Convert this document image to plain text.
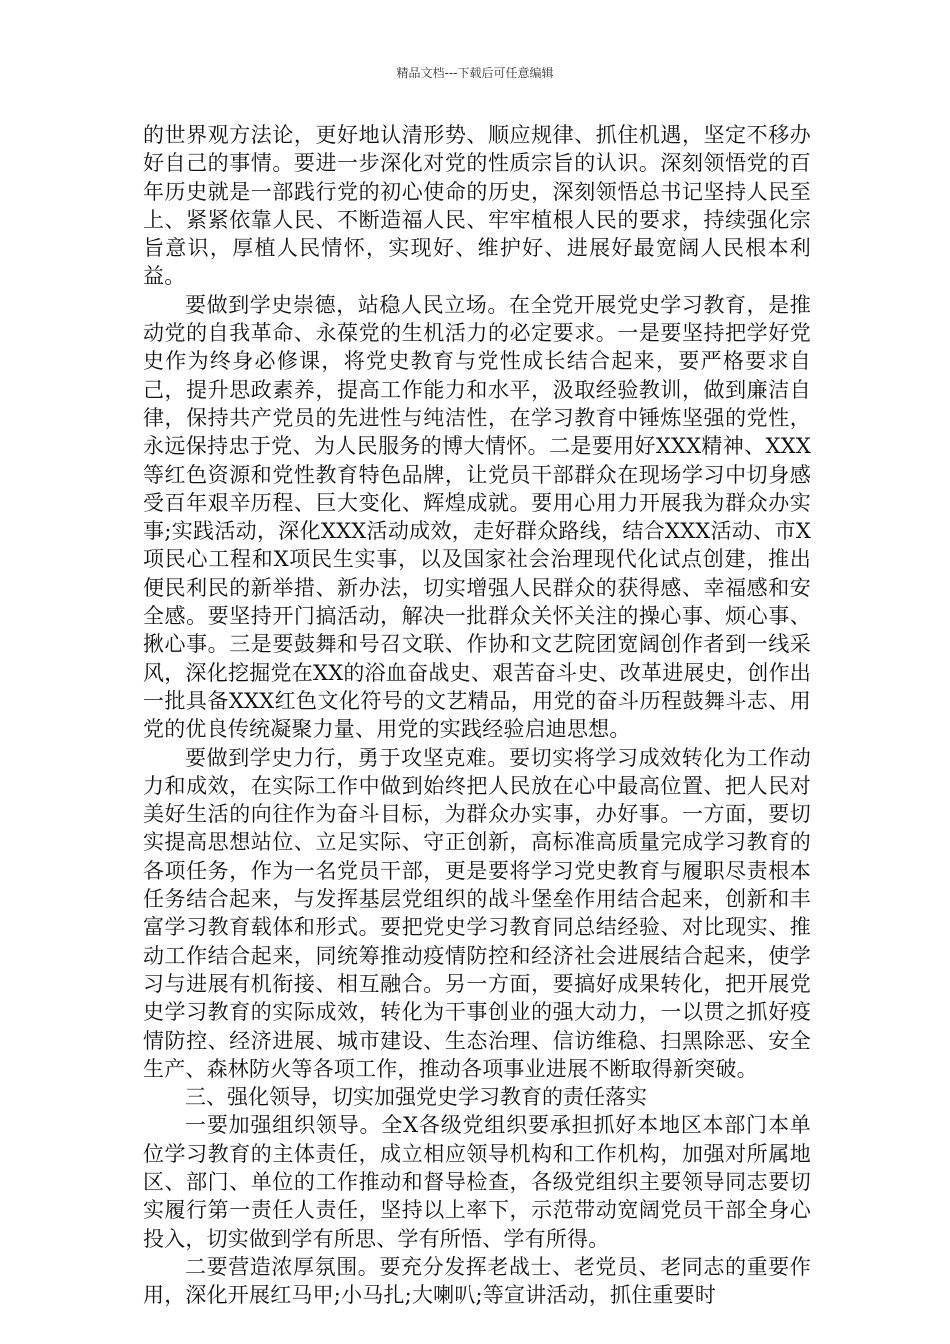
精品文档---下载后可任意编辑

的世界观方法论，更好地认清形势、顺应规律、抓住机遇，坚定不移办好自己的事情。要进一步深化对党的性质宗旨的认识。深刻领悟党的百年历史就是一部践行党的初心使命的历史，深刻领悟总书记坚持人民至上、紧紧依靠人民、不断造福人民、牢牢植根人民的要求，持续强化宗旨意识，厚植人民情怀，实现好、维护好、进展好最宽阔人民根本利益。

要做到学史崇德，站稳人民立场。在全党开展党史学习教育，是推动党的自我革命、永葆党的生机活力的必定要求。一是要坚持把学好党史作为终身必修课，将党史教育与党性成长结合起来，要严格要求自己，提升思政素养，提高工作能力和水平，汲取经验教训，做到廉洁自律，保持共产党员的先进性与纯洁性，在学习教育中锤炼坚强的党性，永远保持忠于党、为人民服务的博大情怀。二是要用好XXX精神、XXX等红色资源和党性教育特色品牌，让党员干部群众在现场学习中切身感受百年艰辛历程、巨大变化、辉煌成就。要用心用力开展我为群众办实事;实践活动，深化XXX活动成效，走好群众路线，结合XXX活动、市X项民心工程和X项民生实事，以及国家社会治理现代化试点创建，推出便民利民的新举措、新办法，切实增强人民群众的获得感、幸福感和安全感。要坚持开门搞活动，解决一批群众关怀关注的操心事、烦心事、揪心事。三是要鼓舞和号召文联、作协和文艺院团宽阔创作者到一线采风，深化挖掘党在XX的浴血奋战史、艰苦奋斗史、改革进展史，创作出一批具备XXX红色文化符号的文艺精品，用党的奋斗历程鼓舞斗志、用党的优良传统凝聚力量、用党的实践经验启迪思想。

要做到学史力行，勇于攻坚克难。要切实将学习成效转化为工作动力和成效，在实际工作中做到始终把人民放在心中最高位置、把人民对美好生活的向往作为奋斗目标，为群众办实事，办好事。一方面，要切实提高思想站位、立足实际、守正创新，高标准高质量完成学习教育的各项任务，作为一名党员干部，更是要将学习党史教育与履职尽责根本任务结合起来，与发挥基层党组织的战斗堡垒作用结合起来，创新和丰富学习教育载体和形式。要把党史学习教育同总结经验、对比现实、推动工作结合起来，同统筹推动疫情防控和经济社会进展结合起来，使学习与进展有机衔接、相互融合。另一方面，要搞好成果转化，把开展党史学习教育的实际成效，转化为干事创业的强大动力，一以贯之抓好疫情防控、经济进展、城市建设、生态治理、信访维稳、扫黑除恶、安全生产、森林防火等各项工作，推动各项事业进展不断取得新突破。

三、强化领导，切实加强党史学习教育的责任落实

一要加强组织领导。全X各级党组织要承担抓好本地区本部门本单位学习教育的主体责任，成立相应领导机构和工作机构，加强对所属地区、部门、单位的工作推动和督导检查，各级党组织主要领导同志要切实履行第一责任人责任，坚持以上率下，示范带动宽阔党员干部全身心投入，切实做到学有所思、学有所悟、学有所得。

二要营造浓厚氛围。要充分发挥老战士、老党员、老同志的重要作用，深化开展红马甲;小马扎;大喇叭;等宣讲活动，抓住重要时
